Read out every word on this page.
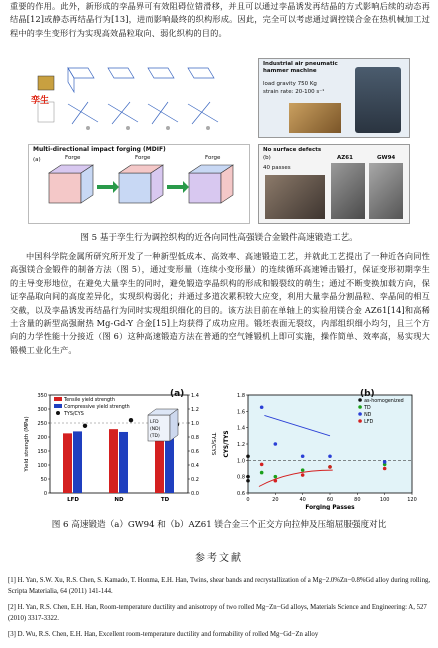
重要的作用。此外，新形成的孪晶界可有效阻碍位错滑移，并且可以通过孪晶诱发再结晶的方式影响后续的动态再结晶[12]或静态再结晶行为[13]，进而影响最终的织构形成。因此，完全可以考虑通过调控镁合金在热机械加工过程中的孪生变形行为实现高效晶粒取向、弱化织构的目的。
孪生
Industrial air pneumatic hammer machine
load gravity 750 Kg
strain rate: 20-100 s⁻¹
Multi-directional impact forging (MDIF)
(a)	Forge	Forge	Forge
No surface defects
(b)	AZ61	GW94
40 passes
图 5 基于孪生行为调控织构的近各向同性高强镁合金锻件高速锻造工艺。
中国科学院金属所研究所开发了一种新型低成本、高效率、高速锻造工艺，并就此工艺提出了一种近各向同性高强镁合金锻件的制备方法（图 5），通过变形量（连续小变形量）的连续循环高速锤击锻打，保证变形初期孪生的主导变形地位，在避免大量孪生的同时，避免锻造孪晶织构的形成和锻裂纹的萌生；通过不断变换加载方向，保证孪晶取向间的高度差异化，实现织构弱化；并通过多道次累积较大应变，利用大量孪晶分割晶粒、孪晶间的相互交截，以及孪晶诱发再结晶行为同时实现组织细化的目的。该方法目前在单轴上的实验用镁合金 AZ61[14]和高稀土含量的新型高强耐热 Mg-Gd-Y 合金[15]上均获得了成功应用。锻坯表面无裂纹，内部组织细小均匀，且三个方向的力学性能十分接近（图 6）这种高速锻造方法在普通的空气锤锻机上即可实施，操作简单、效率高，易实现大锻模工业化生产。
0
50
100
150
200
250
300
350
0.0
0.2
0.4
0.6
0.8
1.0
1.2
1.4
Yield strength (MPa)	TYS/CYS
LFD	ND	TD
Tensile yield strength
Compressive yield strength
TYS/CYS
LFD
(ND)
(TD)
0.6
0.8
1.0
1.2
1.4
1.6
1.8
0	20	40	60	80	100	120
Forging Passes
CYS/TYS
as-homogenized
TD
ND
LFD
(a)	(b)
图 6 高速锻造（a）GW94 和（b）AZ61 镁合金三个正交方向拉伸及压缩屈服强度对比
参考文献
[1] H. Yan, S.W. Xu, R.S. Chen, S. Kamado, T. Honma, E.H. Han, Twins, shear bands and recrystallization of a Mg−2.0%Zn−0.8%Gd alloy during rolling, Scripta Materialia, 64 (2011) 141-144.
[2] H. Yan, R.S. Chen, E.H. Han, Room-temperature ductility and anisotropy of two rolled Mg−Zn−Gd alloys, Materials Science and Engineering: A, 527 (2010) 3317-3322.
[3] D. Wu, R.S. Chen, E.H. Han, Excellent room-temperature ductility and formability of rolled Mg−Gd−Zn alloy
